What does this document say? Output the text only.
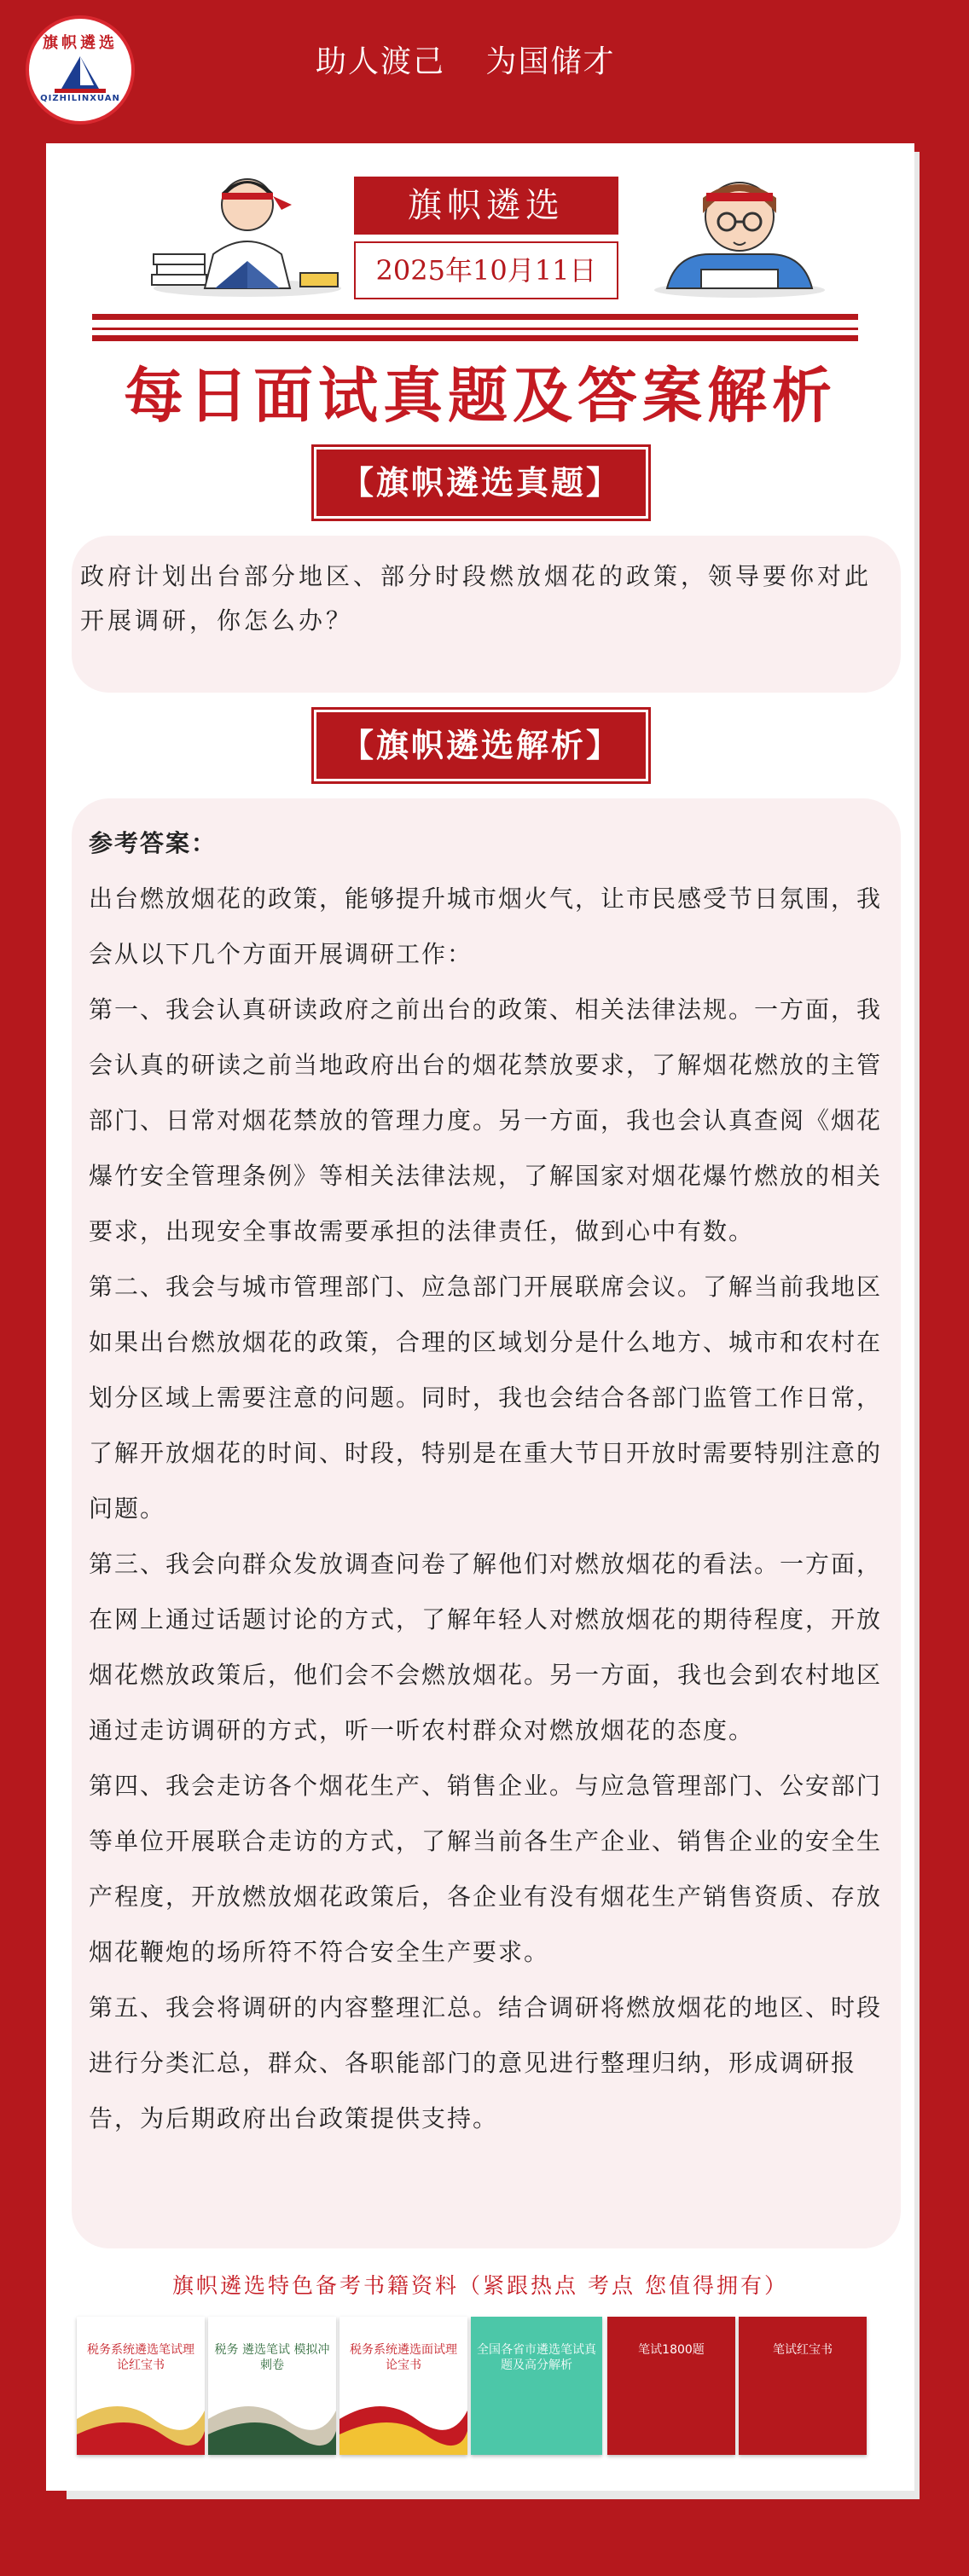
旗帜遴选
QIZHILINXUAN
助人渡己 为国储才
旗帜遴选
2025年10月11日
每日面试真题及答案解析
【旗帜遴选真题】
政府计划出台部分地区、部分时段燃放烟花的政策，领导要你对此开展调研，你怎么办？
【旗帜遴选解析】

参考答案：

出台燃放烟花的政策，能够提升城市烟火气，让市民感受节日氛围，我会从以下几个方面开展调研工作：

第一、我会认真研读政府之前出台的政策、相关法律法规。一方面，我会认真的研读之前当地政府出台的烟花禁放要求，了解烟花燃放的主管部门、日常对烟花禁放的管理力度。另一方面，我也会认真查阅《烟花爆竹安全管理条例》等相关法律法规，了解国家对烟花爆竹燃放的相关要求，出现安全事故需要承担的法律责任，做到心中有数。

第二、我会与城市管理部门、应急部门开展联席会议。了解当前我地区如果出台燃放烟花的政策，合理的区域划分是什么地方、城市和农村在划分区域上需要注意的问题。同时，我也会结合各部门监管工作日常，了解开放烟花的时间、时段，特别是在重大节日开放时需要特别注意的问题。

第三、我会向群众发放调查问卷了解他们对燃放烟花的看法。一方面，在网上通过话题讨论的方式，了解年轻人对燃放烟花的期待程度，开放烟花燃放政策后，他们会不会燃放烟花。另一方面，我也会到农村地区通过走访调研的方式，听一听农村群众对燃放烟花的态度。

第四、我会走访各个烟花生产、销售企业。与应急管理部门、公安部门等单位开展联合走访的方式，了解当前各生产企业、销售企业的安全生产程度，开放燃放烟花政策后，各企业有没有烟花生产销售资质、存放烟花鞭炮的场所符不符合安全生产要求。

第五、我会将调研的内容整理汇总。结合调研将燃放烟花的地区、时段进行分类汇总，群众、各职能部门的意见进行整理归纳，形成调研报告，为后期政府出台政策提供支持。

旗帜遴选特色备考书籍资料（紧跟热点 考点 您值得拥有）
税务系统遴选笔试理论红宝书
税务 遴选笔试 模拟冲刺卷
税务系统遴选面试理论宝书
全国各省市遴选笔试真题及高分解析
笔试1800题	笔试红宝书
